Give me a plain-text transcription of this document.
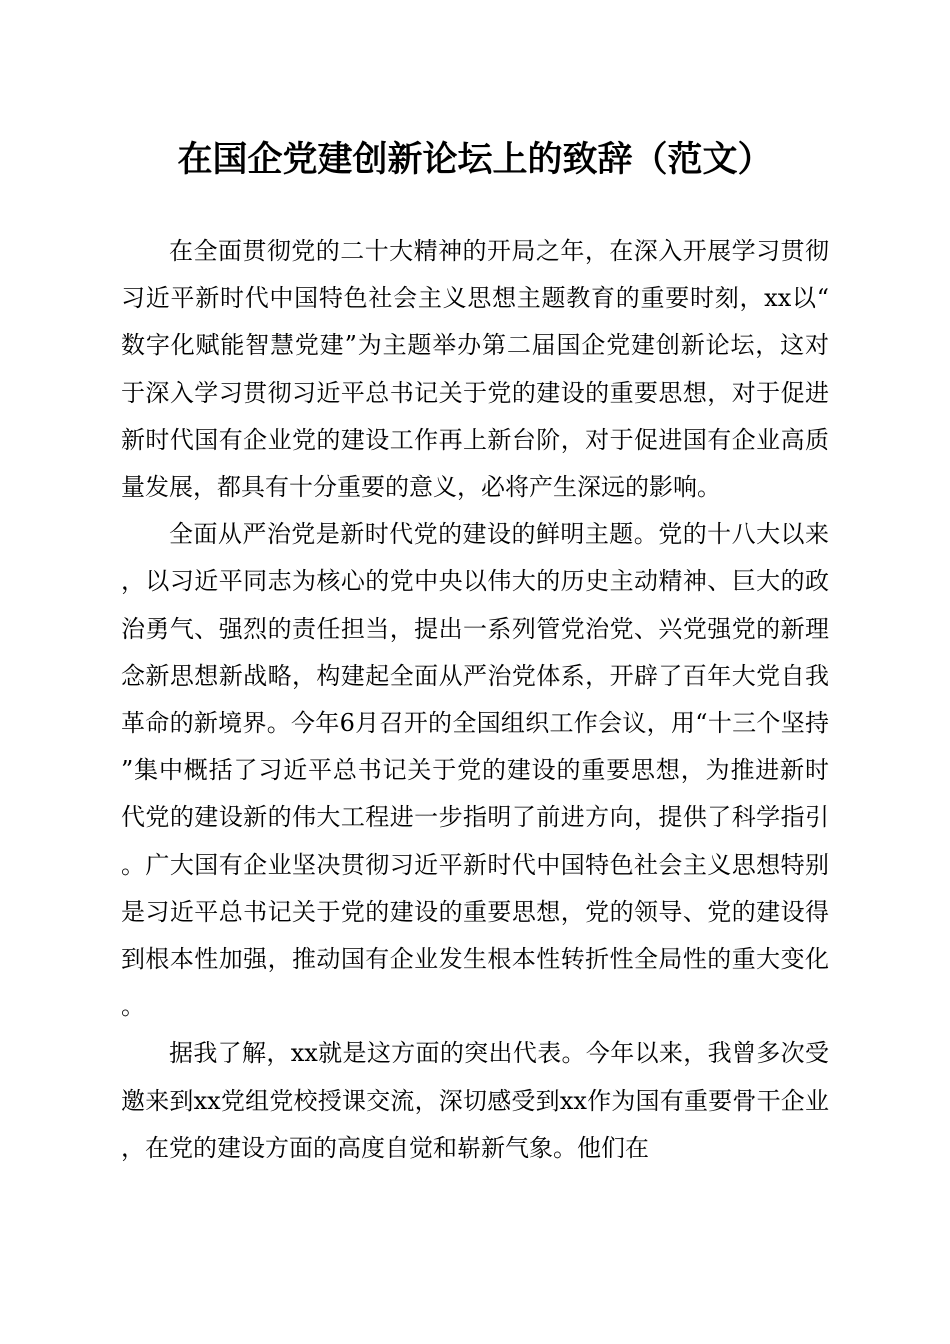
在国企党建创新论坛上的致辞（范文）

在全面贯彻党的二十大精神的开局之年，在深入开展学习贯彻习近平新时代中国特色社会主义思想主题教育的重要时刻，xx以“数字化赋能智慧党建”为主题举办第二届国企党建创新论坛，这对于深入学习贯彻习近平总书记关于党的建设的重要思想，对于促进新时代国有企业党的建设工作再上新台阶，对于促进国有企业高质量发展，都具有十分重要的意义，必将产生深远的影响。

全面从严治党是新时代党的建设的鲜明主题。党的十八大以来，以习近平同志为核心的党中央以伟大的历史主动精神、巨大的政治勇气、强烈的责任担当，提出一系列管党治党、兴党强党的新理念新思想新战略，构建起全面从严治党体系，开辟了百年大党自我革命的新境界。今年6月召开的全国组织工作会议，用“十三个坚持”集中概括了习近平总书记关于党的建设的重要思想，为推进新时代党的建设新的伟大工程进一步指明了前进方向，提供了科学指引。广大国有企业坚决贯彻习近平新时代中国特色社会主义思想特别是习近平总书记关于党的建设的重要思想，党的领导、党的建设得到根本性加强，推动国有企业发生根本性转折性全局性的重大变化。

据我了解，xx就是这方面的突出代表。今年以来，我曾多次受邀来到xx党组党校授课交流，深切感受到xx作为国有重要骨干企业，在党的建设方面的高度自觉和崭新气象。他们在
